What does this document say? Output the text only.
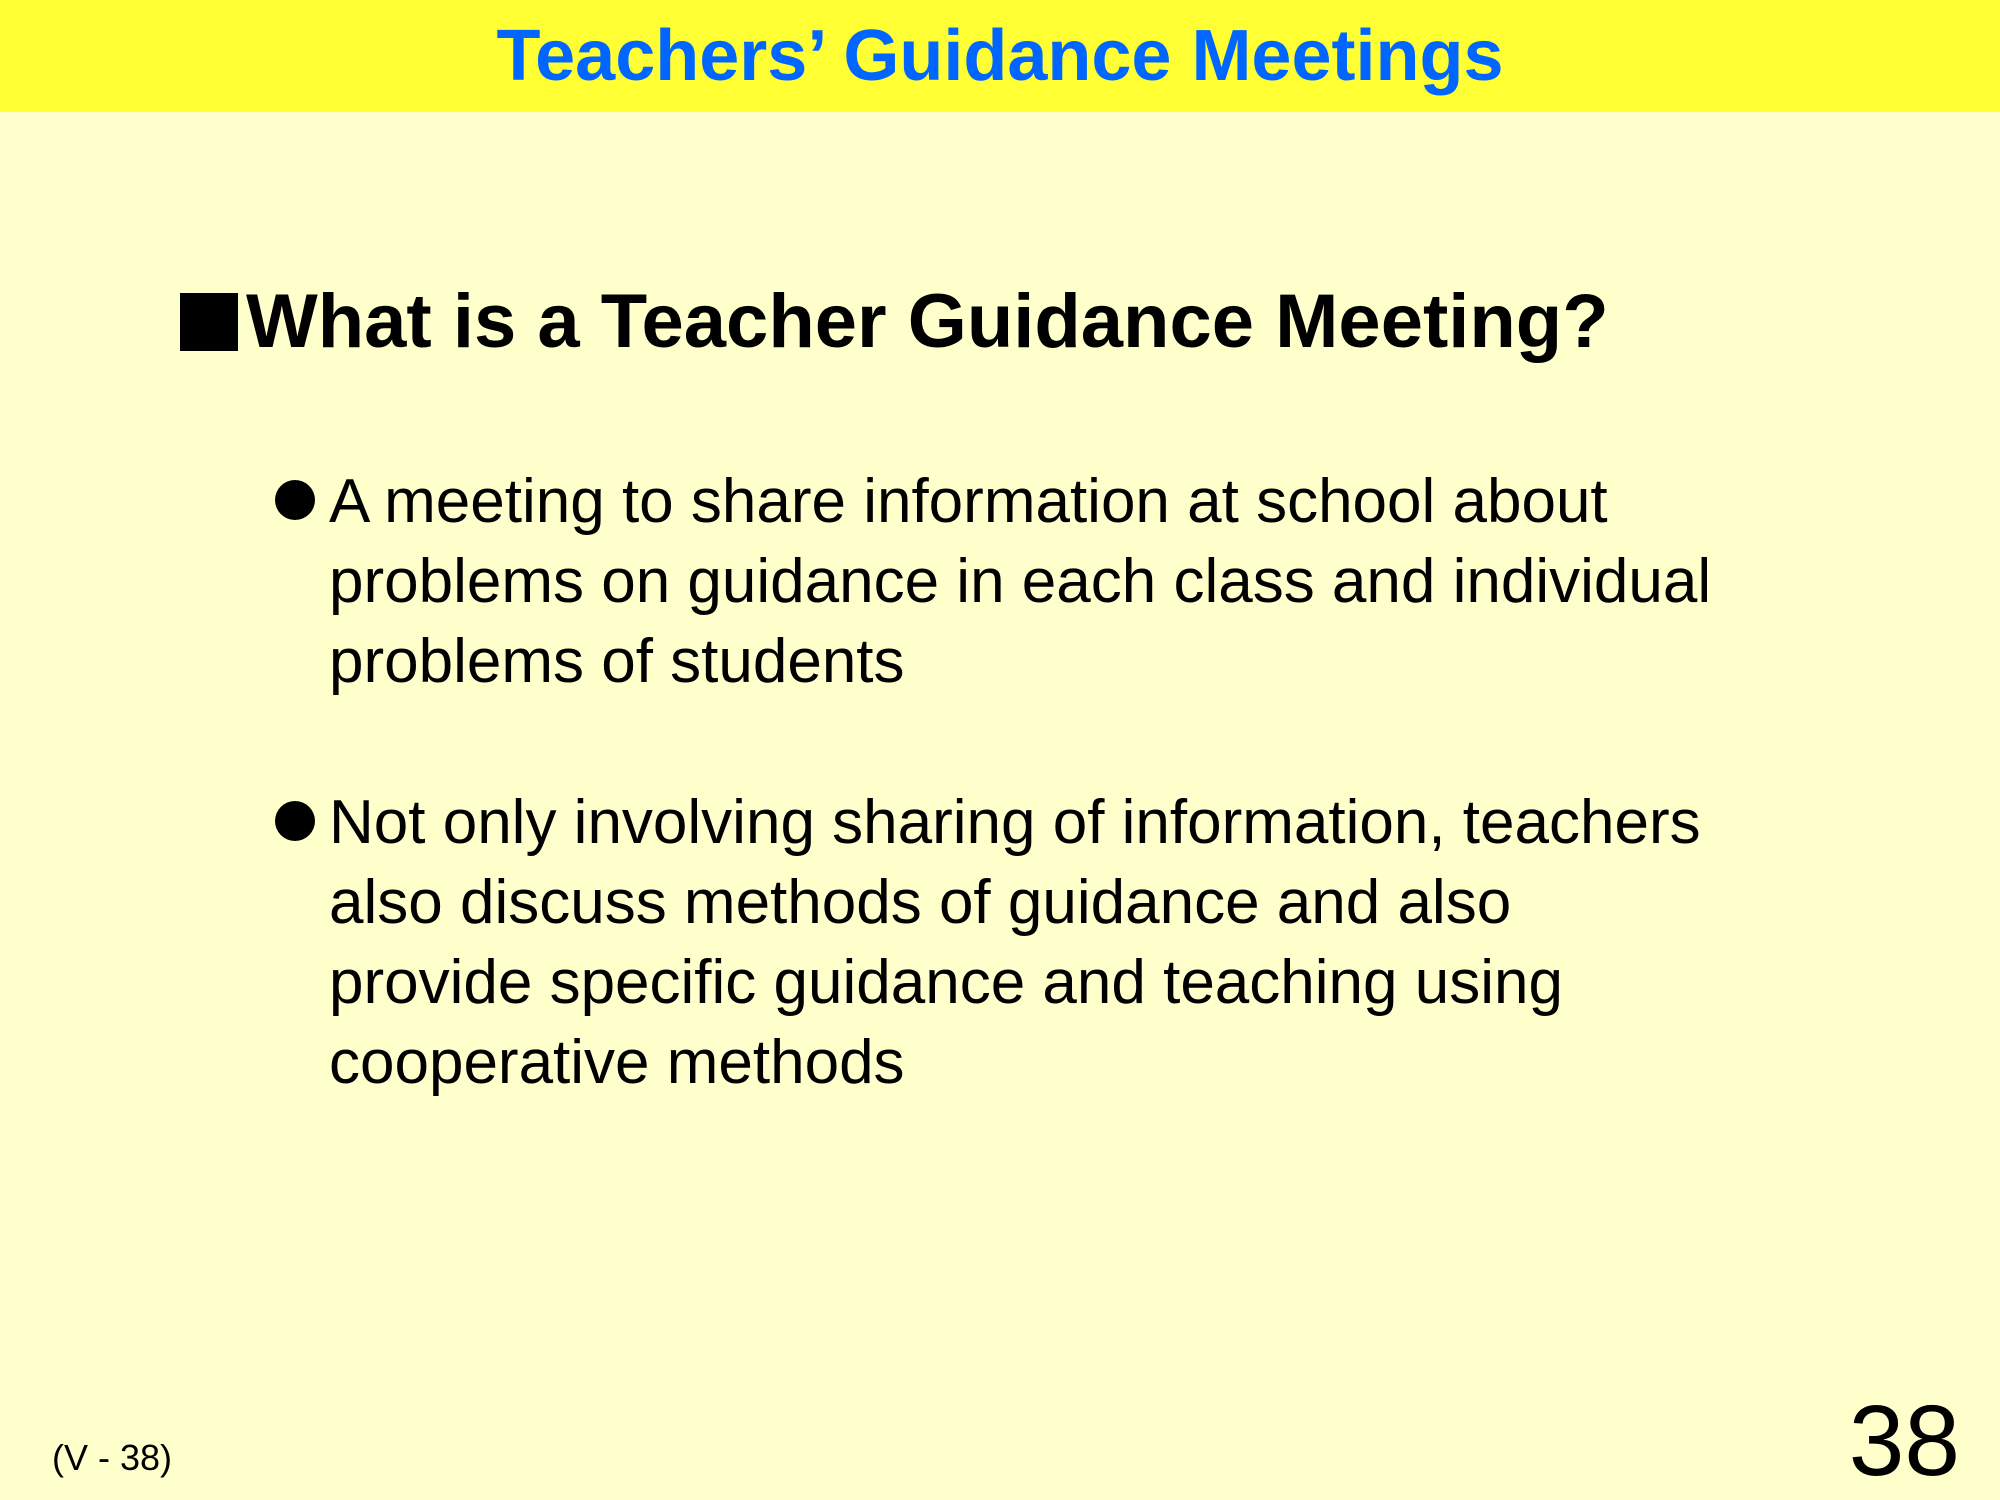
Teachers’ Guidance Meetings
What is a Teacher Guidance Meeting?
A meeting to share information at school about
problems on guidance in each class and individual
problems of students
Not only involving sharing of information, teachers
also discuss methods of guidance and also
provide specific guidance and teaching using
cooperative methods
(V - 38)	38
